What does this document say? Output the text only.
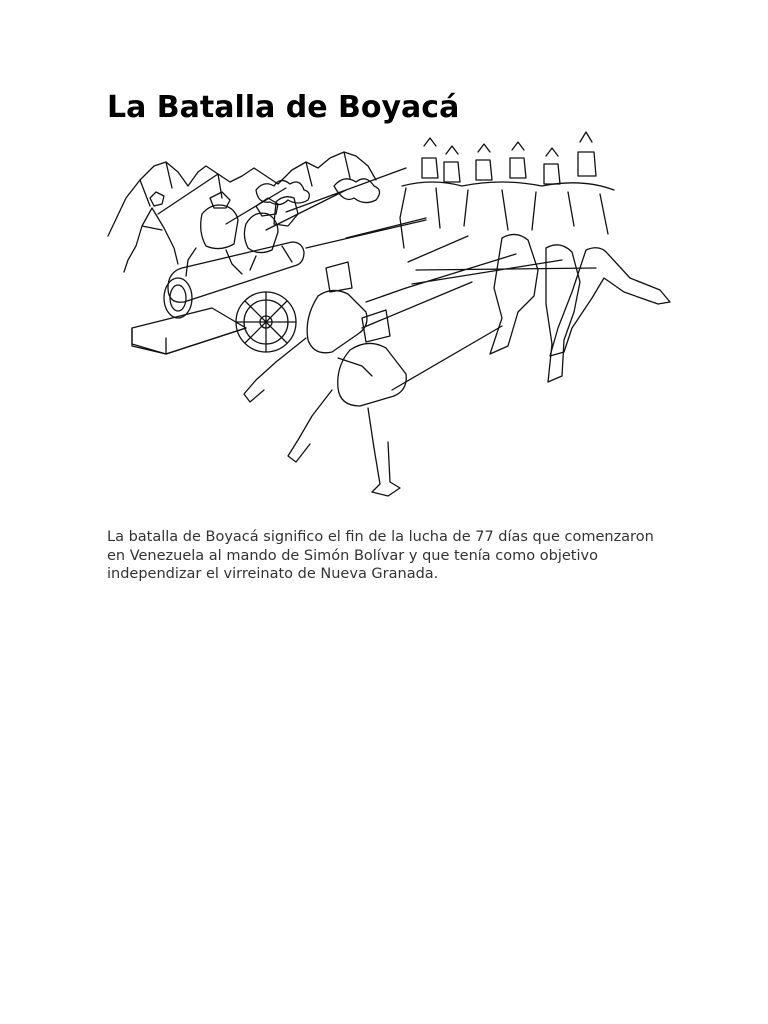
La Batalla de Boyacá

La batalla de Boyacá significo el fin de la lucha de 77 días que comenzaron en Venezuela al mando de Simón Bolívar y que tenía como objetivo independizar el virreinato de Nueva Granada.
